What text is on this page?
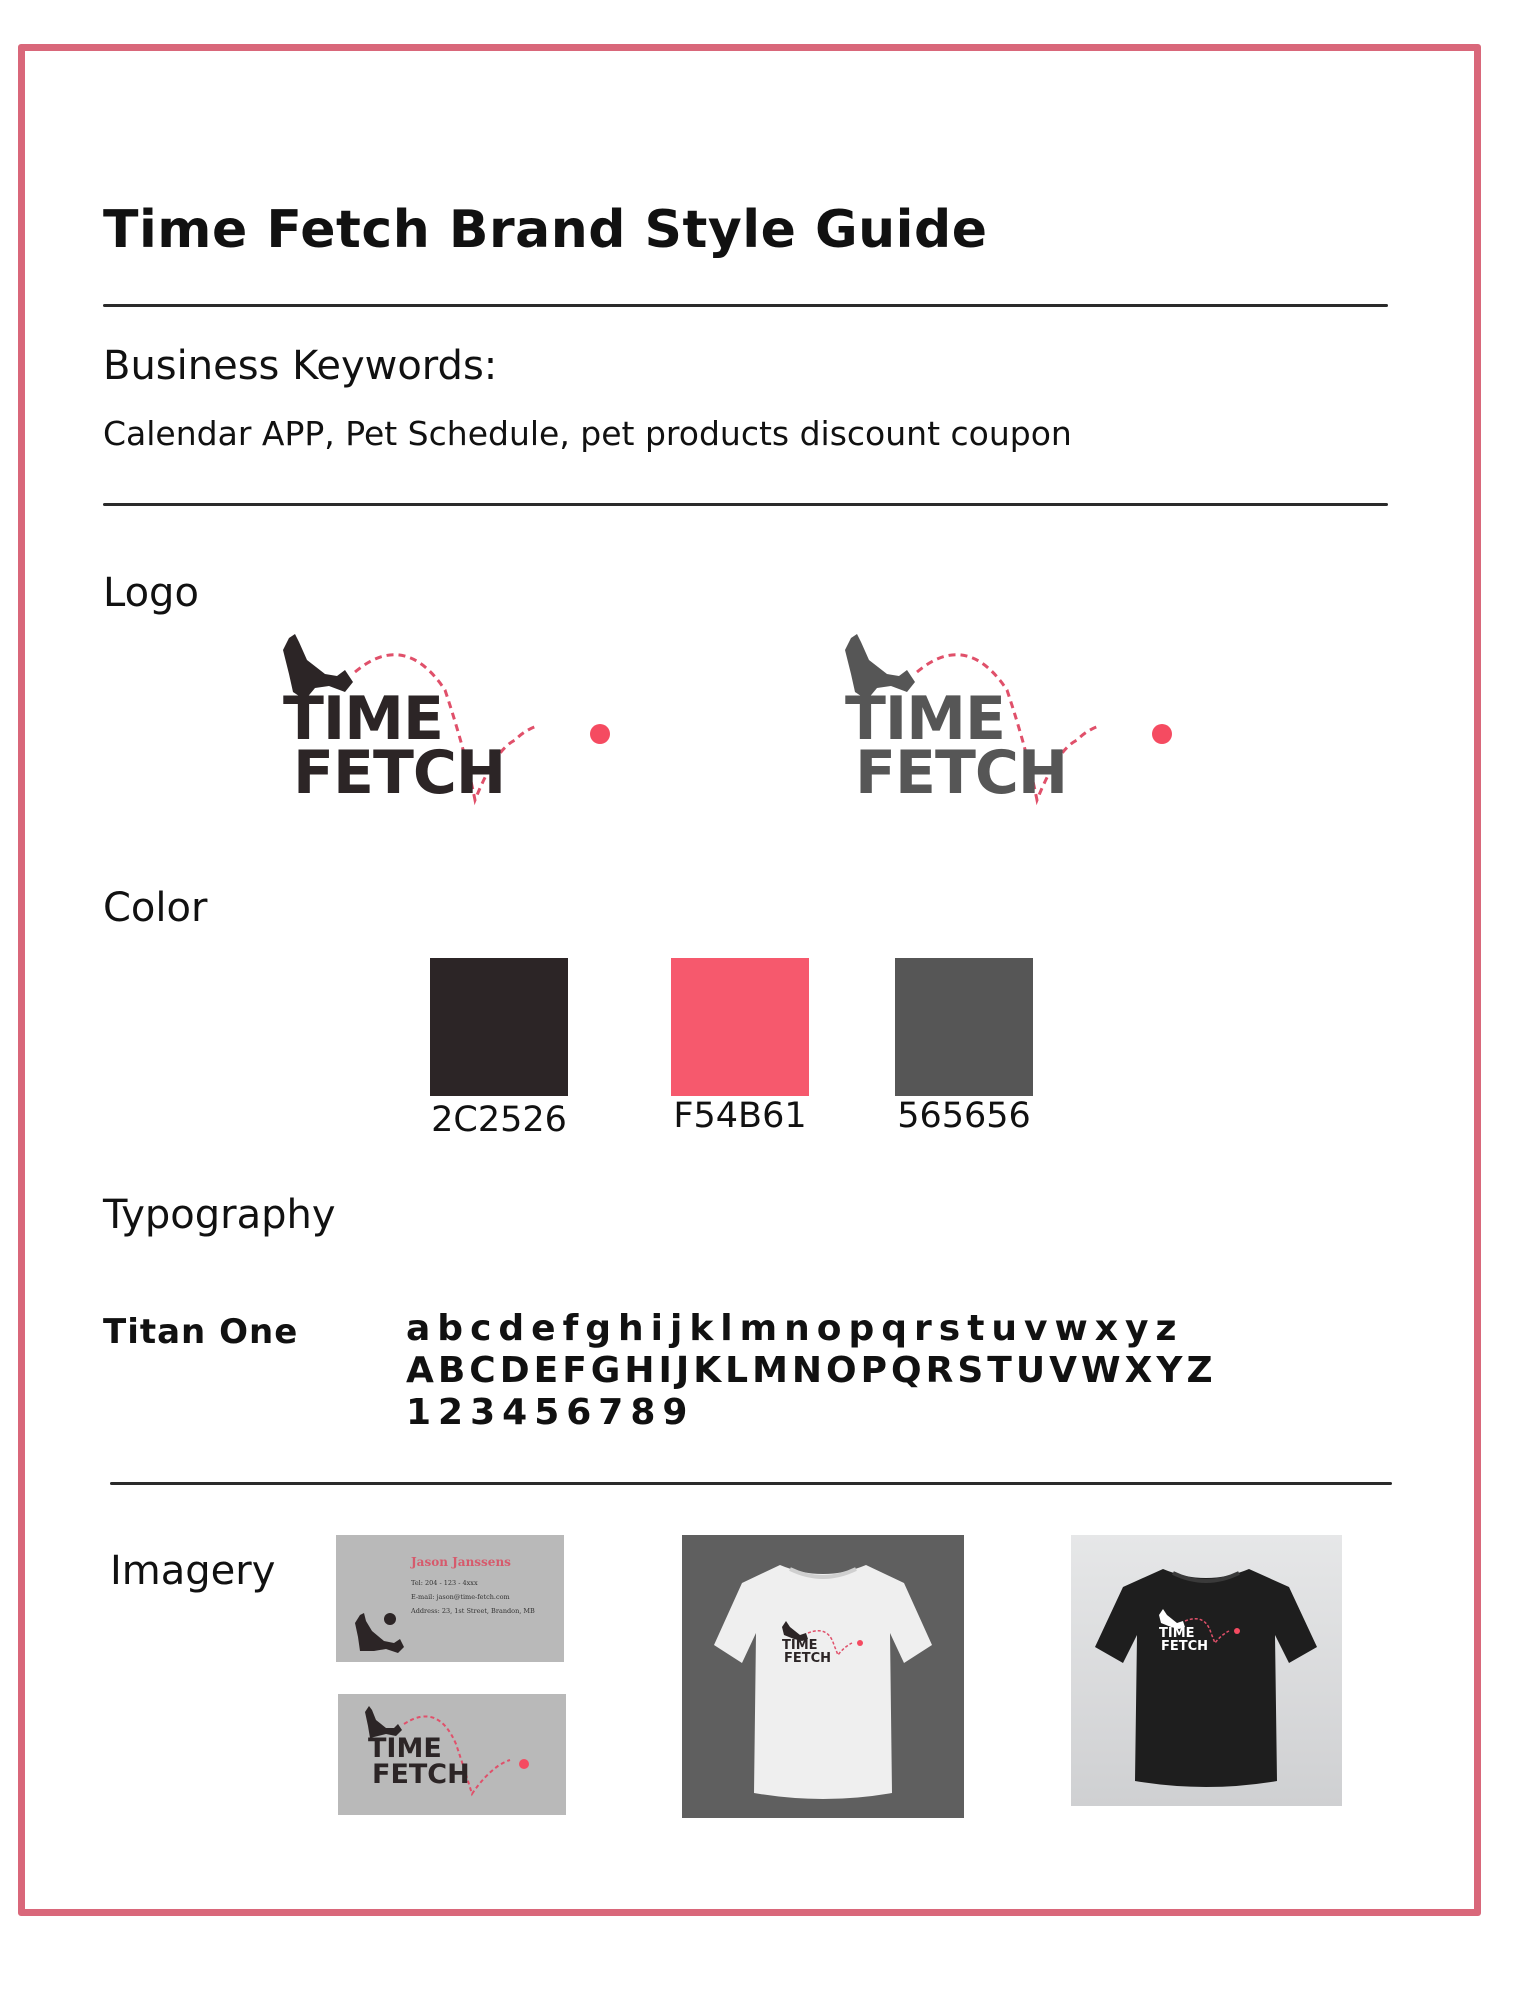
Time Fetch Brand Style Guide
Business Keywords:
Calendar APP, Pet Schedule, pet products discount coupon
Logo
TIME
FETCH
TIME
FETCH
Color
2C2526	F54B61	565656
Typography
Titan One	abcdefghijklmnopqrstuvwxyz
ABCDEFGHIJKLMNOPQRSTUVWXYZ
123456789
Imagery	Jason Janssens
Tel: 204 - 123 - 4xxx
E-mail: jason@time-fetch.com
Address: 23, 1st Street, Brandon, MB
TIME
FETCH
TIME
FETCH
TIME
FETCH
